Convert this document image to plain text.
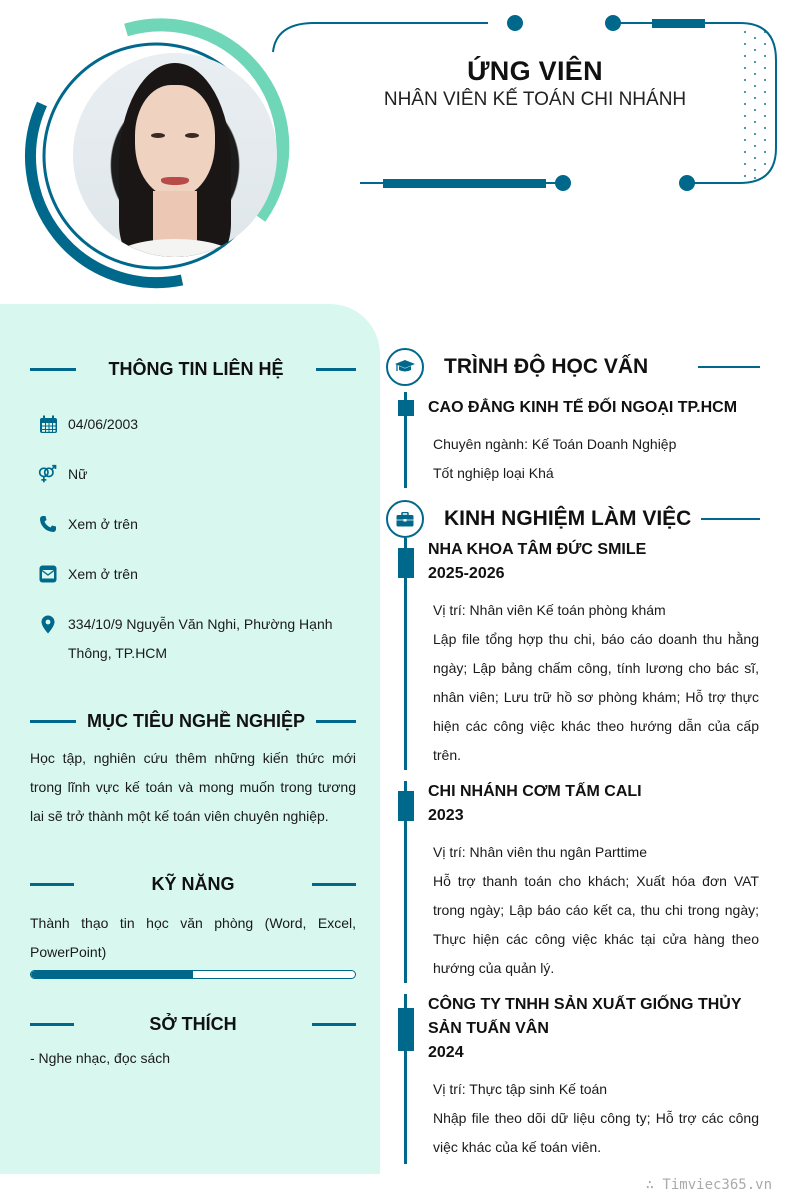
ỨNG VIÊN
NHÂN VIÊN KẾ TOÁN CHI NHÁNH
THÔNG TIN LIÊN HỆ
04/06/2003
Nữ
Xem ở trên
Xem ở trên
334/10/9 Nguyễn Văn Nghi, Phường Hạnh Thông, TP.HCM
MỤC TIÊU NGHỀ NGHIỆP
Học tập, nghiên cứu thêm những kiến thức mới trong lĩnh vực kế toán và mong muốn trong tương lai sẽ trở thành một kế toán viên chuyên nghiệp.
KỸ NĂNG
Thành thạo tin học văn phòng (Word, Excel, PowerPoint)
SỞ THÍCH
- Nghe nhạc, đọc sách
TRÌNH ĐỘ HỌC VẤN
CAO ĐẲNG KINH TẾ ĐỐI NGOẠI TP.HCM

Chuyên ngành: Kế Toán Doanh Nghiệp

Tốt nghiệp loại Khá

KINH NGHIỆM LÀM VIỆC
NHA KHOA TÂM ĐỨC SMILE
2025-2026

Vị trí: Nhân viên Kế toán phòng khám

Lập file tổng hợp thu chi, báo cáo doanh thu hằng ngày; Lập bảng chấm công, tính lương cho bác sĩ, nhân viên; Lưu trữ hồ sơ phòng khám; Hỗ trợ thực hiện các công việc khác theo hướng dẫn của cấp trên.

CHI NHÁNH CƠM TẤM CALI
2023

Vị trí: Nhân viên thu ngân Parttime

Hỗ trợ thanh toán cho khách; Xuất hóa đơn VAT trong ngày; Lập báo cáo kết ca, thu chi trong ngày; Thực hiện các công việc khác tại cửa hàng theo hướng của quản lý.

CÔNG TY TNHH SẢN XUẤT GIỐNG THỦY SẢN TUẤN VÂN
2024

Vị trí: Thực tập sinh Kế toán

Nhập file theo dõi dữ liệu công ty; Hỗ trợ các công việc khác của kế toán viên.

∴ Timviec365.vn
